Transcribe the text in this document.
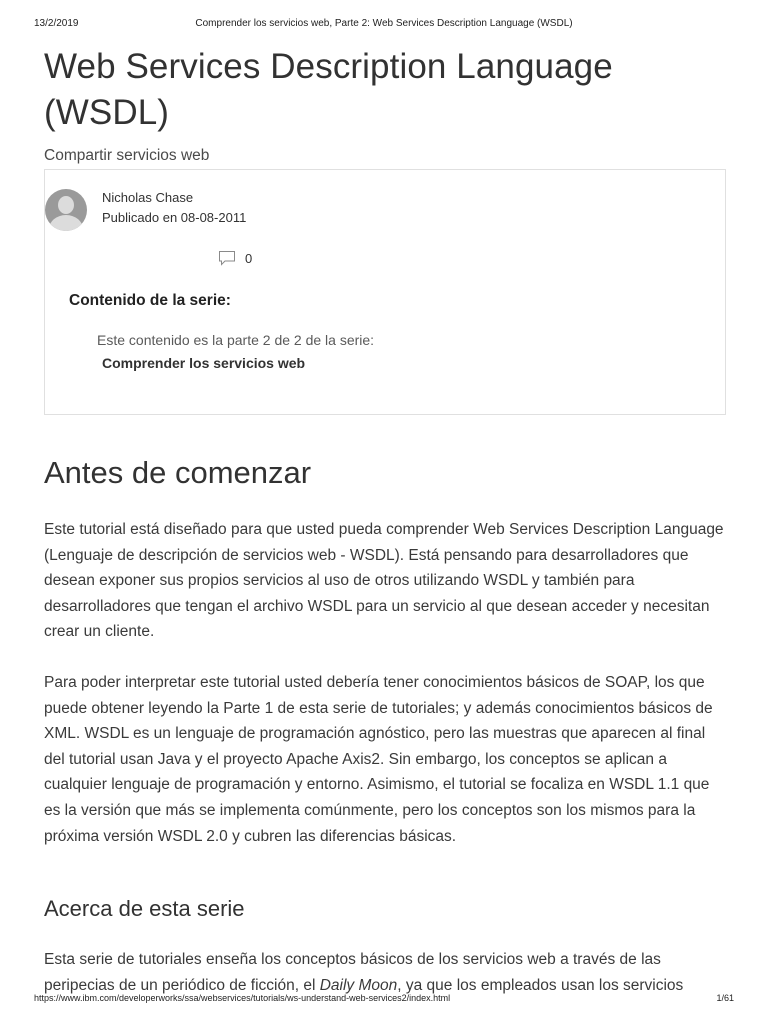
13/2/2019	Comprender los servicios web, Parte 2: Web Services Description Language (WSDL)
Web Services Description Language (WSDL)
Compartir servicios web
Nicholas Chase
Publicado en 08-08-2011
0
Contenido de la serie:
Este contenido es la parte 2 de 2 de la serie: Comprender los servicios web
Antes de comenzar

Este tutorial está diseñado para que usted pueda comprender Web Services Description Language (Lenguaje de descripción de servicios web - WSDL). Está pensando para desarrolladores que desean exponer sus propios servicios al uso de otros utilizando WSDL y también para desarrolladores que tengan el archivo WSDL para un servicio al que desean acceder y necesitan crear un cliente.

Para poder interpretar este tutorial usted debería tener conocimientos básicos de SOAP, los que puede obtener leyendo la Parte 1 de esta serie de tutoriales; y además conocimientos básicos de XML. WSDL es un lenguaje de programación agnóstico, pero las muestras que aparecen al final del tutorial usan Java y el proyecto Apache Axis2. Sin embargo, los conceptos se aplican a cualquier lenguaje de programación y entorno. Asimismo, el tutorial se focaliza en WSDL 1.1 que es la versión que más se implementa comúnmente, pero los conceptos son los mismos para la próxima versión WSDL 2.0 y cubren las diferencias básicas.

Acerca de esta serie

Esta serie de tutoriales enseña los conceptos básicos de los servicios web a través de las peripecias de un periódico de ficción, el Daily Moon, ya que los empleados usan los servicios

https://www.ibm.com/developerworks/ssa/webservices/tutorials/ws-understand-web-services2/index.html	1/61
